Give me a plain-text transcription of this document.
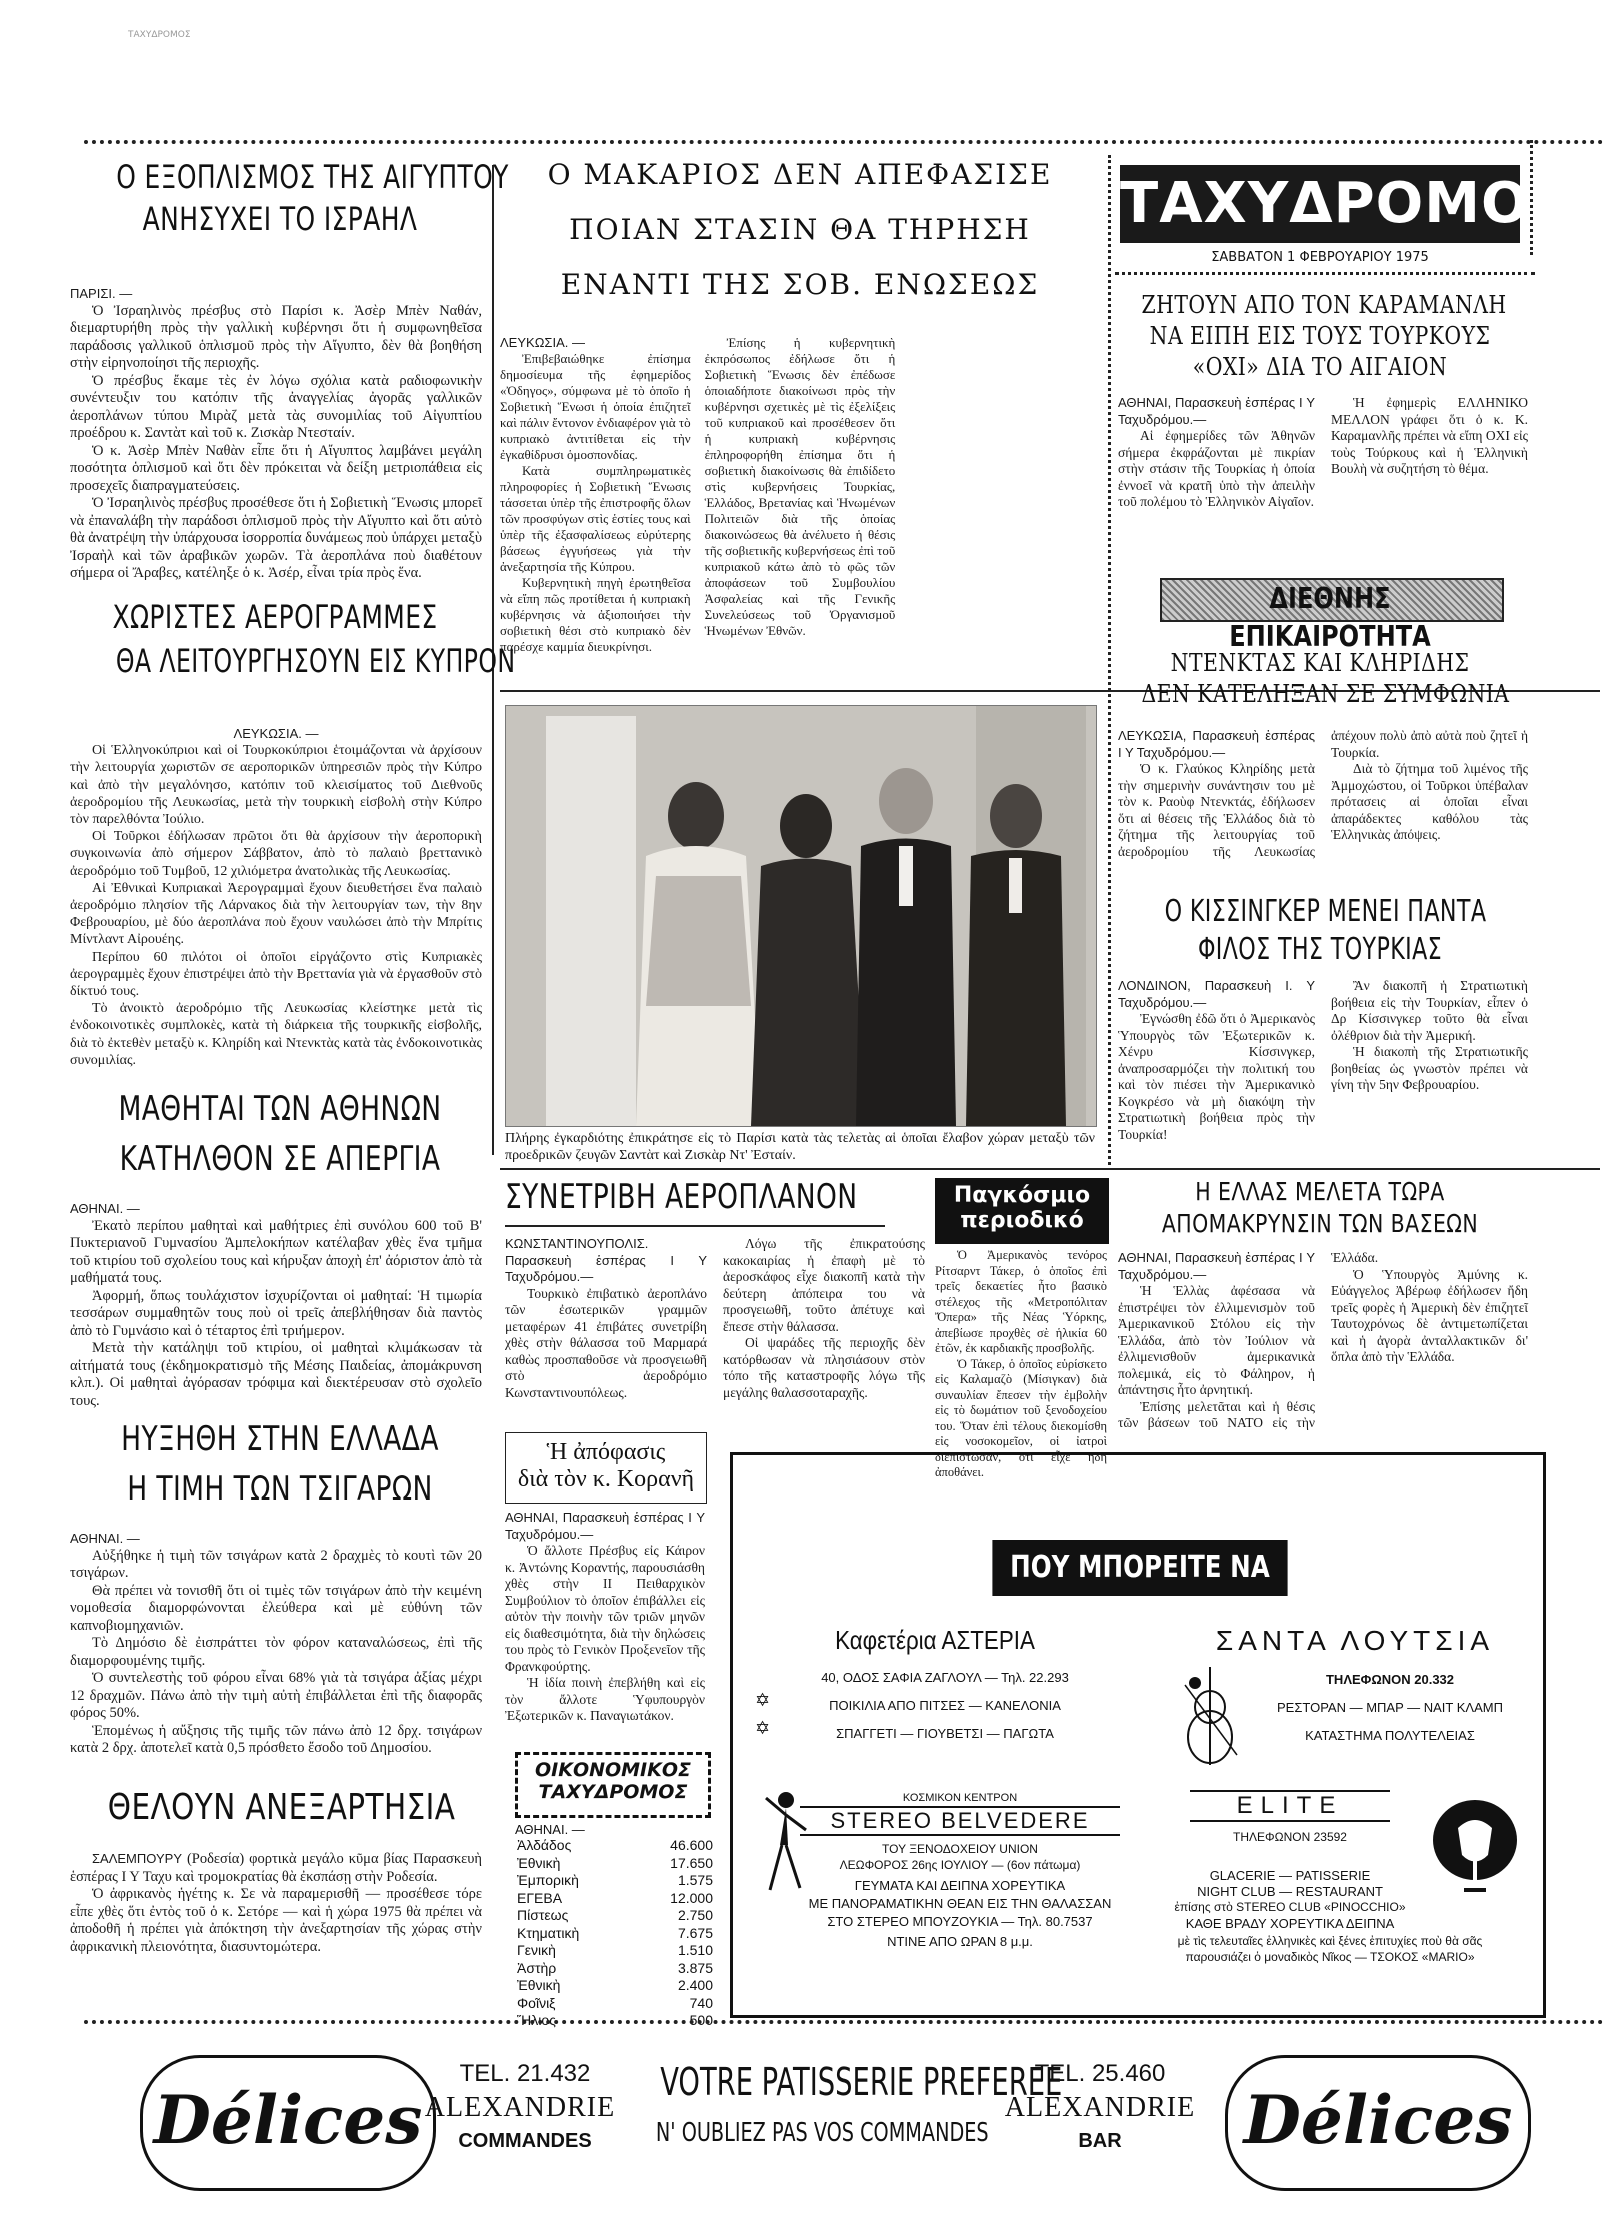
ΤΑΧΥΔΡΟΜΟΣ
Ο ΕΞΟΠΛΙΣΜΟΣ ΤΗΣ ΑΙΓΥΠΤΟΥ
ΑΝΗΣΥΧΕΙ ΤΟ ΙΣΡΑΗΛ

ΠΑΡΙΣΙ. —

Ὁ Ἰσραηλινὸς πρέσβυς στὸ Παρίσι κ. Ἀσὲρ Μπὲν Ναθάν, διεμαρτυρήθη πρὸς τὴν γαλλικὴ κυβέρνησι ὅτι ἡ συμφωνηθεῖσα παράδοσις γαλλικοῦ ὁπλισμοῦ πρὸς τὴν Αἴγυπτο, δὲν θὰ βοηθήση στὴν εἰρηνοποίησι τῆς περιοχῆς.

Ὁ πρέσβυς ἔκαμε τὲς ἐν λόγω σχόλια κατὰ ραδιοφωνικὴν συνέντευξιν του κατόπιν τῆς ἀναγγελίας ἀγορᾶς γαλλικῶν ἀεροπλάνων τύπου Μιρὰζ μετὰ τὰς συνομιλίας τοῦ Αἰγυπτίου προέδρου κ. Σαντὰτ καὶ τοῦ κ. Ζισκὰρ Ντεσταίν.

Ὁ κ. Ἀσὲρ Μπὲν Ναθὰν εἶπε ὅτι ἡ Αἴγυπτος λαμβάνει μεγάλη ποσότητα ὁπλισμοῦ καὶ ὅτι δὲν πρόκειται νὰ δείξη μετριοπάθεια εἰς προσεχεῖς διαπραγματεύσεις.

Ὁ Ἰσραηλινὸς πρέσβυς προσέθεσε ὅτι ἡ Σοβιετικὴ Ἕνωσις μπορεῖ νὰ ἐπαναλάβη τὴν παράδοσι ὁπλισμοῦ πρὸς τὴν Αἴγυπτο καὶ ὅτι αὐτὸ θὰ ἀνατρέψη τὴν ὑπάρχουσα ἰσορροπία δυνάμεως ποὺ ὑπάρχει μεταξὺ Ἰσραὴλ καὶ τῶν ἀραβικῶν χωρῶν. Τὰ ἀεροπλάνα ποὺ διαθέτουν σήμερα οἱ Ἄραβες, κατέληξε ὁ κ. Ἀσέρ, εἶναι τρία πρὸς ἕνα.

ΧΩΡΙΣΤΕΣ ΑΕΡΟΓΡΑΜΜΕΣ
ΘΑ ΛΕΙΤΟΥΡΓΗΣΟΥΝ ΕΙΣ ΚΥΠΡΟΝ

ΛΕΥΚΩΣΙΑ. —

Οἱ Ἑλληνοκύπριοι καὶ οἱ Τουρκοκύπριοι ἑτοιμάζονται νὰ ἀρχίσουν τὴν λειτουργία χωριστῶν σε αεροπορικῶν ὑπηρεσιῶν πρὸς τὴν Κύπρο καὶ ἀπὸ τὴν μεγαλόνησο, κατόπιν τοῦ κλεισίματος τοῦ Διεθνοῦς ἀεροδρομίου τῆς Λευκωσίας, μετὰ τὴν τουρκικὴ εἰσβολὴ στὴν Κύπρο τὸν παρελθόντα Ἰούλιο.

Οἱ Τοῦρκοι ἐδήλωσαν πρῶτοι ὅτι θὰ ἀρχίσουν τὴν ἀεροπορικὴ συγκοινωνία ἀπὸ σήμερον Σάββατον, ἀπὸ τὸ παλαιὸ βρεττανικὸ ἀεροδρόμιο τοῦ Τυμβοῦ, 12 χιλιόμετρα ἀνατολικὰς τῆς Λευκωσίας.

Αἱ Ἐθνικαὶ Κυπριακαὶ Ἀερογραμμαὶ ἔχουν διευθετήσει ἕνα παλαιὸ ἀεροδρόμιο πλησίον τῆς Λάρνακος διὰ τὴν λειτουργίαν των, τὴν 8ην Φεβρουαρίου, μὲ δύο ἀεροπλάνα ποὺ ἔχουν ναυλώσει ἀπὸ τὴν Μπρίτις Μίντλαντ Αἰρουέης.

Περίπου 60 πιλότοι οἱ ὁποῖοι εἰργάζοντο στὶς Κυπριακὲς ἀερογραμμὲς ἔχουν ἐπιστρέψει ἀπὸ τὴν Βρεττανία γιὰ νὰ ἐργασθοῦν στὸ δίκτυό τους.

Τὸ ἀνοικτὸ ἀεροδρόμιο τῆς Λευκωσίας κλείστηκε μετὰ τὶς ἐνδοκοινοτικὲς συμπλοκὲς, κατὰ τὴ διάρκεια τῆς τουρκικῆς εἰσβολῆς, διὰ τὸ ἐκτεθὲν μεταξὺ κ. Κληρίδη καὶ Ντενκτὰς κατὰ τὰς ἐνδοκοινοτικὰς συνομιλίας.

ΜΑΘΗΤΑΙ ΤΩΝ ΑΘΗΝΩΝ
ΚΑΤΗΛΘΟΝ ΣΕ ΑΠΕΡΓΙΑ

ΑΘΗΝΑΙ. —

Ἐκατὸ περίπου μαθηταὶ καὶ μαθήτριες ἐπὶ συνόλου 600 τοῦ Β' Πυκτεριανοῦ Γυμνασίου Ἀμπελοκήπων κατέλαβαν χθὲς ἕνα τμῆμα τοῦ κτιρίου τοῦ σχολείου τους καὶ κήρυξαν ἀποχὴ ἐπ' ἀόριστον ἀπὸ τὰ μαθήματά τους.

Ἀφορμή, ὅπως τουλάχιστον ἰσχυρίζονται οἱ μαθηταί: Ἡ τιμωρία τεσσάρων συμμαθητῶν τους ποὺ οἱ τρεῖς ἀπεβλήθησαν διὰ παντὸς ἀπὸ τὸ Γυμνάσιο καὶ ὁ τέταρτος ἐπὶ τριήμερον.

Μετὰ τὴν κατάληψι τοῦ κτιρίου, οἱ μαθηταὶ κλιμάκωσαν τὰ αἰτήματά τους (ἐκδημοκρατισμὸ τῆς Μέσης Παιδείας, ἀπομάκρυνση κλπ.). Οἱ μαθηταὶ ἀγόρασαν τρόφιμα καὶ διεκτέρευσαν στὸ σχολεῖο τους.

ΗΥΞΗΘΗ ΣΤΗΝ ΕΛΛΑΔΑ
Η ΤΙΜΗ ΤΩΝ ΤΣΙΓΑΡΩΝ

ΑΘΗΝΑΙ. —

Αὐξήθηκε ἡ τιμὴ τῶν τσιγάρων κατὰ 2 δραχμὲς τὸ κουτὶ τῶν 20 τσιγάρων.

Θὰ πρέπει νὰ τονισθῆ ὅτι οἱ τιμὲς τῶν τσιγάρων ἀπὸ τὴν κειμένη νομοθεσία διαμορφώνονται ἐλεύθερα καὶ μὲ εὐθύνη τῶν καπνοβιομηχανιῶν.

Τὸ Δημόσιο δὲ ἐισπράττει τὸν φόρον καταναλώσεως, ἐπὶ τῆς διαμορφουμένης τιμῆς.

Ὁ συντελεστὴς τοῦ φόρου εἶναι 68% γιὰ τὰ τσιγάρα ἀξίας μέχρι 12 δραχμῶν. Πάνω ἀπὸ τὴν τιμὴ αὐτὴ ἐπιβάλλεται ἐπὶ τῆς διαφορᾶς φόρος 50%.

Ἑπομένως ἡ αὔξησις τῆς τιμῆς τῶν πάνω ἀπὸ 12 δρχ. τσιγάρων κατὰ 2 δρχ. ἀποτελεῖ κατὰ 0,5 πρόσθετο ἔσοδο τοῦ Δημοσίου.

ΘΕΛΟΥΝ ΑΝΕΞΑΡΤΗΣΙΑ

ΣΑΛΕΜΠΟΥΡΥ (Ροδεσία) φορτικὰ μεγάλο κῦμα βίας Παρασκευὴ ἑσπέρας Ι Υ Ταχυ καὶ τρομοκρατίας θὰ ἐκσπάσῃ στὴν Ροδεσία.

Ὁ ἀφρικανὸς ἡγέτης κ. Σε νὰ παραμερισθῆ — προσέθεσε τόρε εἶπε χθὲς ὅτι ἐντὸς τοῦ ὁ κ. Σετόρε — καὶ ἡ χώρα 1975 θὰ πρέπει νὰ ἀποδοθῆ ἡ πρέπει γιὰ ἀπόκτηση τὴν ἀνεξαρτησίαν τῆς χώρας στὴν ἀφρικανικὴ πλειονότητα, διασυντομώτερα.

Ο ΜΑΚΑΡΙΟΣ ΔΕΝ ΑΠΕΦΑΣΙΣΕ
ΠΟΙΑΝ ΣΤΑΣΙΝ ΘΑ ΤΗΡΗΣΗ
ΕΝΑΝΤΙ ΤΗΣ ΣΟΒ. ΕΝΩΣΕΩΣ

ΛΕΥΚΩΣΙΑ. —

Ἐπιβεβαιώθηκε ἐπίσημα δημοσίευμα τῆς ἐφημερίδος «Ὀδηγος», σύμφωνα μὲ τὸ ὁποῖο ἡ Σοβιετικὴ Ἕνωσι ἡ ὁποία ἐπιζητεῖ καὶ πάλιν ἔντονον ἐνδιαφέρον γιὰ τὸ κυπριακὸ ἀντιτίθεται εἰς τὴν ἐγκαθίδρυσι ὁμοσπονδίας.

Κατὰ συμπληρωματικὲς πληροφορίες ἡ Σοβιετικὴ Ἕνωσις τάσσεται ὑπὲρ τῆς ἐπιστροφῆς ὅλων τῶν προσφύγων στὶς ἑστίες τους καὶ ὑπὲρ τῆς ἐξασφαλίσεως εὐρύτερης βάσεως ἐγγυήσεως γιὰ τὴν ἀνεξαρτησία τῆς Κύπρου.

Κυβερνητικὴ πηγὴ ἐρωτηθεῖσα νὰ εἴπη πῶς προτίθεται ἡ κυπριακὴ κυβέρνησις νὰ ἀξιοποιήσει τὴν σοβιετικὴ θέσι στὸ κυπριακὸ δὲν παρέσχε καμμία διευκρίνησι.

Ἐπίσης ἡ κυβερνητικὴ ἐκπρόσωπος ἐδήλωσε ὅτι ἡ Σοβιετικὴ Ἕνωσις δὲν ἐπέδωσε ὁποιαδήποτε διακοίνωσι πρὸς τὴν κυβέρνησι σχετικὲς μὲ τὶς ἐξελίξεις τοῦ κυπριακοῦ καὶ προσέθεσεν ὅτι ἡ κυπριακὴ κυβέρνησις ἐπληροφορήθη ἐπίσημα ὅτι ἡ σοβιετικὴ διακοίνωσις θὰ ἐπιδίδετο στὶς κυβερνήσεις Τουρκίας, Ἑλλάδος, Βρετανίας καὶ Ἡνωμένων Πολιτειῶν διὰ τῆς ὁποίας διακοινώσεως θὰ ἀνέλυετο ἡ θέσις τῆς σοβιετικῆς κυβερνήσεως ἐπὶ τοῦ κυπριακοῦ κάτω ἀπὸ τὸ φῶς τῶν ἀποφάσεων τοῦ Συμβουλίου Ἀσφαλείας καὶ τῆς Γενικῆς Συνελεύσεως τοῦ Ὀργανισμοῦ Ἡνωμένων Ἐθνῶν.

Πλήρης ἐγκαρδιότης ἐπικράτησε εἰς τὸ Παρίσι κατὰ τὰς τελετὰς αἱ ὁποῖαι ἔλαβον χώραν μεταξὺ τῶν προεδρικῶν ζευγῶν Σαντὰτ καὶ Ζισκὰρ Ντ' Ἐσταίν.
ΣΥΝΕΤΡΙΒΗ ΑΕΡΟΠΛΑΝΟΝ

ΚΩΝΣΤΑΝΤΙΝΟΥΠΟΛΙΣ. Παρασκευὴ ἑσπέρας Ι Υ Ταχυδρόμου.—

Τουρκικὸ ἐπιβατικὸ ἀεροπλάνο τῶν ἐσωτερικῶν γραμμῶν μεταφέρων 41 ἐπιβάτες συνετρίβη χθὲς στὴν θάλασσα τοῦ Μαρμαρά καθὼς προσπαθοῦσε νὰ προσγειωθῆ στὸ ἀεροδρόμιο Κωνσταντινουπόλεως.

Λόγω τῆς ἐπικρατούσης κακοκαιρίας ἡ ἐπαφὴ μὲ τὸ ἀεροσκάφος εἶχε διακοπῆ κατὰ τὴν δεύτερη ἀπόπειρα του νὰ προσγειωθῆ, τοῦτο ἀπέτυχε καὶ ἔπεσε στὴν θάλασσα.

Οἱ ψαράδες τῆς περιοχῆς δὲν κατόρθωσαν νὰ πλησιάσουν στὸν τόπο τῆς καταστροφῆς λόγω τῆς μεγάλης θαλασσοταραχῆς.

Παγκόσμιο
περιοδικό

Ὁ Ἀμερικανὸς τενόρος Ρίτσαρντ Τάκερ, ὁ ὁποῖος ἐπὶ τρεῖς δεκαετίες ἦτο βασικὸ στέλεχος τῆς «Μετροπόλιταν Ὄπερα» τῆς Νέας Ὑόρκης, ἀπεβίωσε προχθὲς σὲ ἡλικία 60 ἐτῶν, ἐκ καρδιακῆς προσβολῆς.

Ὁ Τάκερ, ὁ ὁποῖος εὑρίσκετο εἰς Καλαμαζὸ (Μίσιγκαν) διὰ συναυλίαν ἔπεσεν τὴν ἐμβολὴν εἰς τὸ δωμάτιον τοῦ ξενοδοχείου του. Ὅταν ἐπὶ τέλους διεκομίσθη εἰς νοσοκομεῖον, οἱ ἰατροὶ διεπίστωσαν, ὅτι εἶχε ἤδη ἀποθάνει.

Ἡ ἀπόφασις
διὰ τὸν κ. Κορανῆ

ΑΘΗΝΑΙ, Παρασκευὴ ἑσπέρας Ι Υ Ταχυδρόμου.—

Ὁ ἄλλοτε Πρέσβυς εἰς Κάιρον κ. Ἀντώνης Κοραντής, παρουσιάσθη χθὲς στὴν ΙΙ Πειθαρχικὸν Συμβούλιον τὸ ὁποῖον ἐπιβάλλει εἰς αὐτὸν τὴν ποινὴν τῶν τριῶν μηνῶν εἰς διαθεσιμότητα, διὰ τὴν δηλώσεις του πρὸς τὸ Γενικὸν Προξενεῖον τῆς Φρανκφούρτης.

Ἡ ἰδία ποινὴ ἐπεβλήθη καὶ εἰς τὸν ἄλλοτε Ὑφυπουργὸν Ἐξωτερικῶν κ. Παναγιωτάκον.

ΟΙΚΟΝΟΜΙΚΟΣ
ΤΑΧΥΔΡΟΜΟΣ
ΑΘΗΝΑΙ. —
Ἀλδάδος	46.600
Ἐθνικὴ	17.650
Ἐμπορικὴ	1.575
ΕΓΕΒΑ	12.000
Πίστεως	2.750
Κτηματικὴ	7.675
Γενικὴ	1.510
Ἀστὴρ	3.875
Ἐθνικὴ	2.400
Φοῖνιξ	740
Ἥλιος	500
ΤΑΧΥΔΡΟΜΟΣ
ΣΑΒΒΑΤΟΝ 1 ΦΕΒΡΟΥΑΡΙΟΥ 1975
ΖΗΤΟΥΝ ΑΠΟ ΤΟΝ ΚΑΡΑΜΑΝΛΗ
ΝΑ ΕΙΠΗ ΕΙΣ ΤΟΥΣ ΤΟΥΡΚΟΥΣ
«ΟΧΙ» ΔΙΑ ΤΟ ΑΙΓΑΙΟΝ

ΑΘΗΝΑΙ, Παρασκευὴ ἑσπέρας Ι Υ Ταχυδρόμου.—

Αἱ ἐφημερίδες τῶν Ἀθηνῶν σήμερα ἐκφράζονται μὲ πικρίαν στὴν στάσιν τῆς Τουρκίας ἡ ὁποία ἐννοεῖ νὰ κρατῆ ὑπὸ τὴν ἀπειλὴν τοῦ πολέμου τὸ Ἑλληνικὸν Αἰγαῖον.

Ἡ ἐφημερὶς ΕΛΛΗΝΙΚΟ ΜΕΛΛΟΝ γράφει ὅτι ὁ κ. Κ. Καραμανλῆς πρέπει νὰ εἴπη ΟΧΙ εἰς τοὺς Τούρκους καὶ ἡ Ἑλληνικὴ Βουλὴ νὰ συζητήση τὸ θέμα.

ΔΙΕΘΝΗΣ ΕΠΙΚΑΙΡΟΤΗΤΑ
ΝΤΕΝΚΤΑΣ ΚΑΙ ΚΛΗΡΙΔΗΣ
ΔΕΝ ΚΑΤΕΛΗΞΑΝ ΣΕ ΣΥΜΦΩΝΙΑ

ΛΕΥΚΩΣΙΑ, Παρασκευὴ ἑσπέρας Ι Υ Ταχυδρόμου.—

Ὁ κ. Γλαύκος Κληρίδης μετὰ τὴν σημερινὴν συνάντησιν του μὲ τὸν κ. Ραοὺφ Ντενκτάς, ἐδήλωσεν ὅτι αἱ θέσεις τῆς Ἑλλάδος διὰ τὸ ζήτημα τῆς λειτουργίας τοῦ ἀεροδρομίου τῆς Λευκωσίας ἀπέχουν πολὺ ἀπὸ αὐτὰ ποὺ ζητεῖ ἡ Τουρκία.

Διὰ τὸ ζήτημα τοῦ λιμένος τῆς Ἀμμοχώστου, οἱ Τοῦρκοι ὑπέβαλαν πρότασεις αἱ ὁποῖαι εἶναι ἀπαράδεκτες καθόλου τὰς Ἑλληνικὰς ἀπόψεις.

Ο ΚΙΣΣΙΝΓΚΕΡ ΜΕΝΕΙ ΠΑΝΤΑ
ΦΙΛΟΣ ΤΗΣ ΤΟΥΡΚΙΑΣ

ΛΟΝΔΙΝΟΝ, Παρασκευὴ Ι. Υ Ταχυδρόμου.—

Ἐγνώσθη ἐδῶ ὅτι ὁ Ἀμερικανὸς Ὑπουργὸς τῶν Ἐξωτερικῶν κ. Χένρυ Κίσσινγκερ, ἀναπροσαρμόζει τὴν πολιτική του καὶ τὸν πιέσει τὴν Ἀμερικανικὸ Κογκρέσο νὰ μὴ διακόψη τὴν Στρατιωτικὴ βοήθεια πρὸς τὴν Τουρκία!

Ἂν διακοπῆ ἡ Στρατιωτικὴ βοήθεια εἰς τὴν Τουρκίαν, εἶπεν ὁ Δρ Κίσσινγκερ τοῦτο θὰ εἶναι ὀλέθριον διὰ τὴν Ἀμερική.

Ἡ διακοπὴ τῆς Στρατιωτικῆς βοηθείας ὡς γνωστὸν πρέπει νὰ γίνη τὴν 5ην Φεβρουαρίου.

Η ΕΛΛΑΣ ΜΕΛΕΤΑ ΤΩΡΑ
ΑΠΟΜΑΚΡΥΝΣΙΝ ΤΩΝ ΒΑΣΕΩΝ

ΑΘΗΝΑΙ, Παρασκευὴ ἑσπέρας Ι Υ Ταχυδρόμου.—

Ἡ Ἑλλὰς ἀφέσασα νὰ ἐπιστρέψει τὸν ἐλλιμενισμὸν τοῦ Ἀμερικανικοῦ Στόλου εἰς τὴν Ἑλλάδα, ἀπὸ τὸν Ἰούλιον νὰ ἐλλιμενισθοῦν ἀμερικανικὰ πολεμικά, εἰς τὸ Φάληρον, ἡ ἀπάντησις ἦτο ἀρνητική.

Ἐπίσης μελετᾶται καὶ ἡ θέσις τῶν βάσεων τοῦ ΝΑΤΟ εἰς τὴν Ἑλλάδα.

Ὁ Ὑπουργὸς Ἀμύνης κ. Εὐάγγελος Ἀβέρωφ ἐδήλωσεν ἤδη τρεῖς φορὲς ἡ Ἀμερικὴ δὲν ἐπιζητεῖ Ταυτοχρόνως δὲ ἀντιμετωπίζεται καὶ ἡ ἀγορὰ ἀνταλλακτικῶν δι' ὅπλα ἀπὸ τὴν Ἑλλάδα.

ΠΟΥ ΜΠΟΡΕΙΤΕ ΝΑ ΠΑΤΕ
Καφετέρια ΑΣΤΕΡΙΑ
40, ΟΔΟΣ ΣΑΦΙΑ ΖΑΓΛΟΥΛ — Τηλ. 22.293
ΠΟΙΚΙΛΙΑ ΑΠΟ ΠΙΤΣΕΣ — ΚΑΝΕΛΟΝΙΑ
ΣΠΑΓΓΕΤΙ — ΓΙΟΥΒΕΤΣΙ — ΠΑΓΩΤΑ
✡
✡
ΣΑΝΤΑ ΛΟΥΤΣΙΑ
ΤΗΛΕΦΩΝΟΝ 20.332
ΡΕΣΤΟΡΑΝ — ΜΠΑΡ — ΝΑΙΤ ΚΛΑΜΠ
ΚΑΤΑΣΤΗΜΑ ΠΟΛΥΤΕΛΕΙΑΣ
ΚΟΣΜΙΚΟΝ ΚΕΝΤΡΟΝ
STEREO BELVEDERE
ΤΟΥ ΞΕΝΟΔΟΧΕΙΟΥ UNION
ΛΕΩΦΟΡΟΣ 26ης ΙΟΥΛΙΟΥ — (6ον πάτωμα)
ΓΕΥΜΑΤΑ ΚΑΙ ΔΕΙΠΝΑ ΧΟΡΕΥΤΙΚΑ
ΜΕ ΠΑΝΟΡΑΜΑΤΙΚΗΝ ΘΕΑΝ ΕΙΣ ΤΗΝ ΘΑΛΑΣΣΑΝ
ΣΤΟ ΣΤΕΡΕΟ ΜΠΟΥΖΟΥΚΙΑ — Τηλ. 80.7537
ΝΤΙΝΕ ΑΠΟ ΩΡΑΝ 8 μ.μ.
ELITE
ΤΗΛΕΦΩΝΟΝ 23592
GLACERIE — PATISSERIE
NIGHT CLUB — RESTAURANT
ἐπίσης στὸ STEREO CLUB «PINOCCHIO»
ΚΑΘΕ ΒΡΑΔΥ ΧΟΡΕΥΤΙΚΑ ΔΕΙΠΝΑ
μὲ τὶς τελευταῖες ἑλληνικὲς καὶ ξένες ἐπιτυχίες ποὺ θὰ σᾶς
παρουσιάζει ὁ μοναδικὸς Νῖκος — ΤΣΟΚΟΣ «MARIO»
Délices
TEL. 21.432
ALEXANDRIE
COMMANDES
VOTRE PATISSERIE PREFEREE
N' OUBLIEZ PAS VOS COMMANDES
TEL. 25.460
ALEXANDRIE
BAR	Délices
